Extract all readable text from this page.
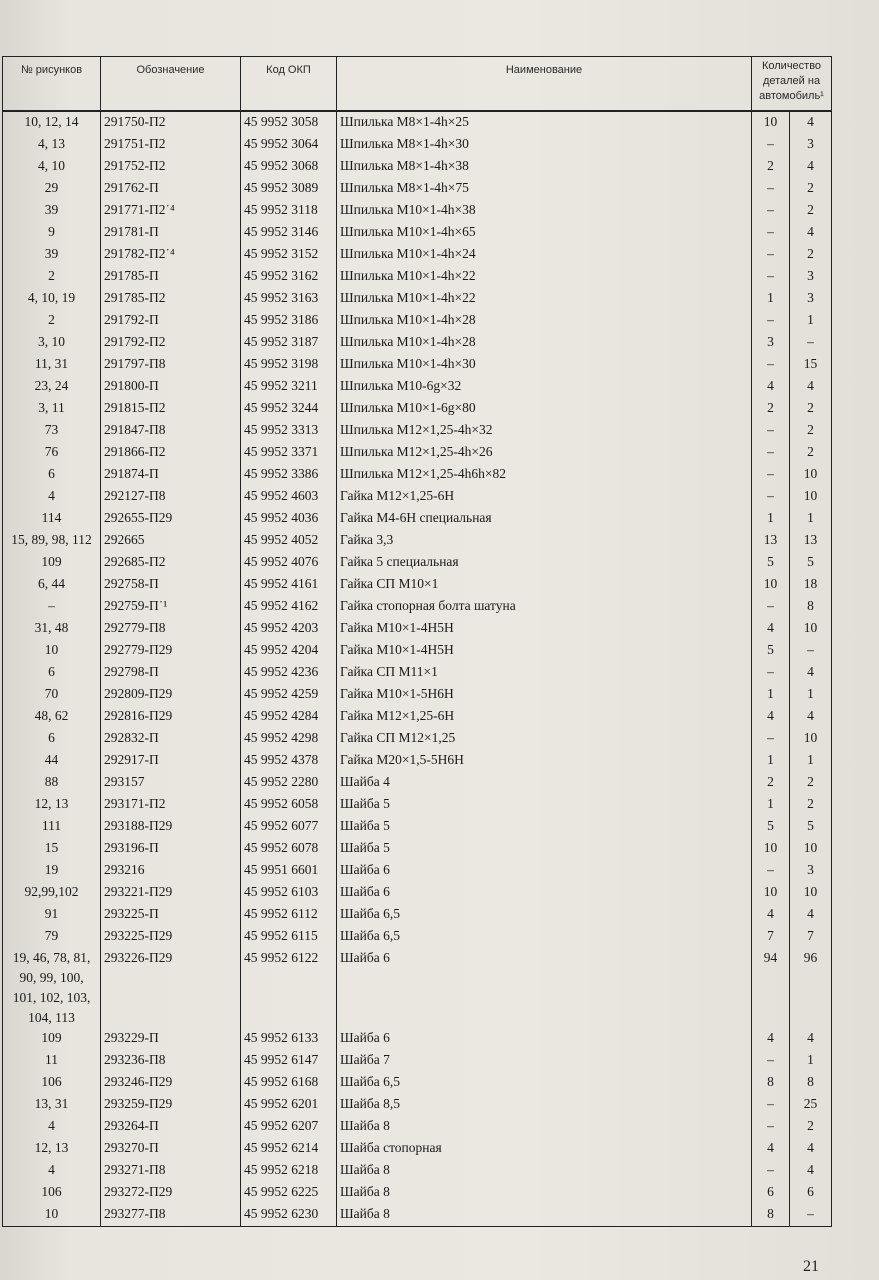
№ рисунков	Обозначение	Код ОКП	Наименование	Количество деталей на автомобиль¹	
10, 12, 14	291750-П2	45 9952 3058	Шпилька М8×1-4h×25	10	4
4, 13	291751-П2	45 9952 3064	Шпилька М8×1-4h×30	–	3
4, 10	291752-П2	45 9952 3068	Шпилька М8×1-4h×38	2	4
29	291762-П	45 9952 3089	Шпилька М8×1-4h×75	–	2
39	291771-П2˙⁴	45 9952 3118	Шпилька М10×1-4h×38	–	2
9	291781-П	45 9952 3146	Шпилька М10×1-4h×65	–	4
39	291782-П2˙⁴	45 9952 3152	Шпилька М10×1-4h×24	–	2
2	291785-П	45 9952 3162	Шпилька М10×1-4h×22	–	3
4, 10, 19	291785-П2	45 9952 3163	Шпилька М10×1-4h×22	1	3
2	291792-П	45 9952 3186	Шпилька М10×1-4h×28	–	1
3, 10	291792-П2	45 9952 3187	Шпилька М10×1-4h×28	3	–
11, 31	291797-П8	45 9952 3198	Шпилька М10×1-4h×30	–	15
23, 24	291800-П	45 9952 3211	Шпилька М10-6g×32	4	4
3, 11	291815-П2	45 9952 3244	Шпилька М10×1-6g×80	2	2
73	291847-П8	45 9952 3313	Шпилька М12×1,25-4h×32	–	2
76	291866-П2	45 9952 3371	Шпилька М12×1,25-4h×26	–	2
6	291874-П	45 9952 3386	Шпилька М12×1,25-4h6h×82	–	10
4	292127-П8	45 9952 4603	Гайка М12×1,25-6Н	–	10
114	292655-П29	45 9952 4036	Гайка М4-6Н специальная	1	1
15, 89, 98, 112	292665	45 9952 4052	Гайка 3,3	13	13
109	292685-П2	45 9952 4076	Гайка 5 специальная	5	5
6, 44	292758-П	45 9952 4161	Гайка СП М10×1	10	18
–	292759-П˙¹	45 9952 4162	Гайка стопорная болта шатуна	–	8
31, 48	292779-П8	45 9952 4203	Гайка М10×1-4Н5Н	4	10
10	292779-П29	45 9952 4204	Гайка М10×1-4Н5Н	5	–
6	292798-П	45 9952 4236	Гайка СП М11×1	–	4
70	292809-П29	45 9952 4259	Гайка М10×1-5Н6Н	1	1
48, 62	292816-П29	45 9952 4284	Гайка М12×1,25-6Н	4	4
6	292832-П	45 9952 4298	Гайка СП М12×1,25	–	10
44	292917-П	45 9952 4378	Гайка М20×1,5-5Н6Н	1	1
88	293157	45 9952 2280	Шайба 4	2	2
12, 13	293171-П2	45 9952 6058	Шайба 5	1	2
111	293188-П29	45 9952 6077	Шайба 5	5	5
15	293196-П	45 9952 6078	Шайба 5	10	10
19	293216	45 9951 6601	Шайба 6	–	3
92,99,102	293221-П29	45 9952 6103	Шайба 6	10	10
91	293225-П	45 9952 6112	Шайба 6,5	4	4
79	293225-П29	45 9952 6115	Шайба 6,5	7	7
19, 46, 78, 81, 90, 99, 100, 101, 102, 103, 104, 113	293226-П29	45 9952 6122	Шайба 6	94	96
109	293229-П	45 9952 6133	Шайба 6	4	4
11	293236-П8	45 9952 6147	Шайба 7	–	1
106	293246-П29	45 9952 6168	Шайба 6,5	8	8
13, 31	293259-П29	45 9952 6201	Шайба 8,5	–	25
4	293264-П	45 9952 6207	Шайба 8	–	2
12, 13	293270-П	45 9952 6214	Шайба стопорная	4	4
4	293271-П8	45 9952 6218	Шайба 8	–	4
106	293272-П29	45 9952 6225	Шайба 8	6	6
10	293277-П8	45 9952 6230	Шайба 8	8	–
21
